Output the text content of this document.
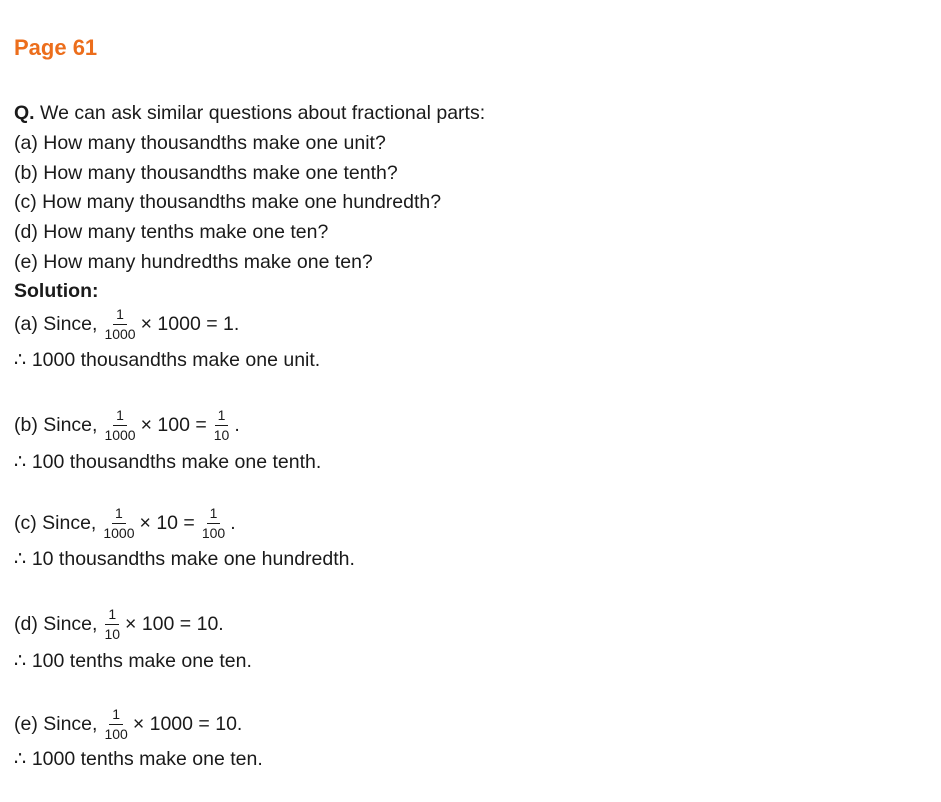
Page 61
Q. We can ask similar questions about fractional parts:
(a) How many thousandths make one unit?
(b) How many thousandths make one tenth?
(c) How many thousandths make one hundredth?
(d) How many tenths make one ten?
(e) How many hundredths make one ten?
Solution:
(a) Since, $\frac{1}{1000} \times 1000 = 1$.
∴ 1000 thousandths make one unit.
(b) Since, $\frac{1}{1000} \times 100 = \frac{1}{10}$ .
∴ 100 thousandths make one tenth.
(c) Since, $\frac{1}{1000} \times 10 = \frac{1}{100}$ .
∴ 10 thousandths make one hundredth.
(d) Since, $\frac{1}{10} \times 100 = 10$.
∴ 100 tenths make one ten.
(e) Since, $\frac{1}{100} \times 1000 = 10$.
∴ 1000 tenths make one ten.
